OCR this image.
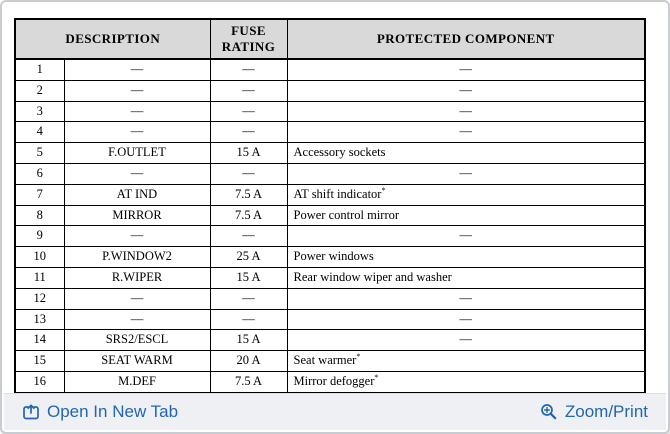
DESCRIPTION		FUSE RATING	PROTECTED COMPONENT
1	—	—	—
2	—	—	—
3	—	—	—
4	—	—	—
5	F.OUTLET	15 A	Accessory sockets
6	—	—	—
7	AT IND	7.5 A	AT shift indicator*
8	MIRROR	7.5 A	Power control mirror
9	—	—	—
10	P.WINDOW2	25 A	Power windows
11	R.WIPER	15 A	Rear window wiper and washer
12	—	—	—
13	—	—	—
14	SRS2/ESCL	15 A	—
15	SEAT WARM	20 A	Seat warmer*
16	M.DEF	7.5 A	Mirror defogger*
Open In New Tab	Zoom/Print
